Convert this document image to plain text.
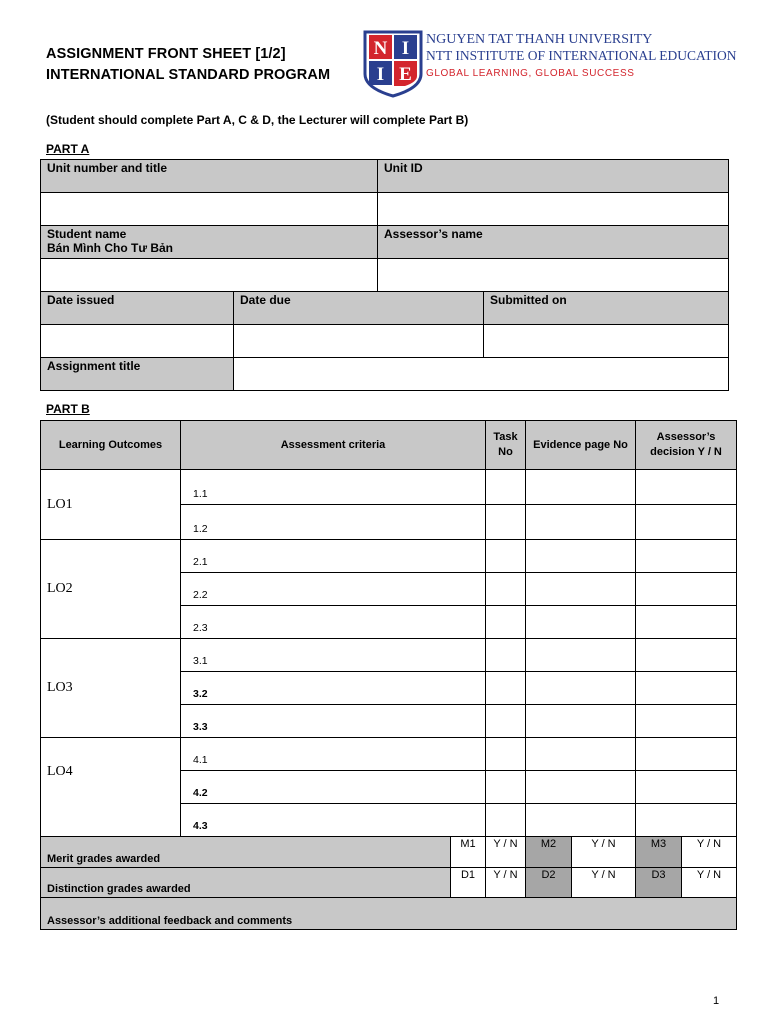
ASSIGNMENT FRONT SHEET [1/2]
INTERNATIONAL STANDARD PROGRAM
N I
I E
NGUYEN TAT THANH UNIVERSITY
NTT INSTITUTE OF INTERNATIONAL EDUCATION
GLOBAL LEARNING, GLOBAL SUCCESS
(Student should complete Part A, C & D, the Lecturer will complete Part B)
PART A
Unit number and title		Unit ID	

Student name
Bán Mình Cho Tư Bản		Assessor’s name	

Date issued	Date due		Submitted on

Assignment title			
PART B
Learning Outcomes	Assessment criteria		Task No	Evidence page No		Assessor’s decision Y / N	
LO1	1.1						
	1.2						
LO2	2.1						
	2.2						
	2.3						
LO3	3.1						
	3.2						
	3.3						
LO4	4.1						
	4.2						
	4.3						
Merit grades awarded		M1	Y / N	M2	Y / N	M3	Y / N
Distinction grades awarded		D1	Y / N	D2	Y / N	D3	Y / N
Assessor’s additional feedback and comments							
1
